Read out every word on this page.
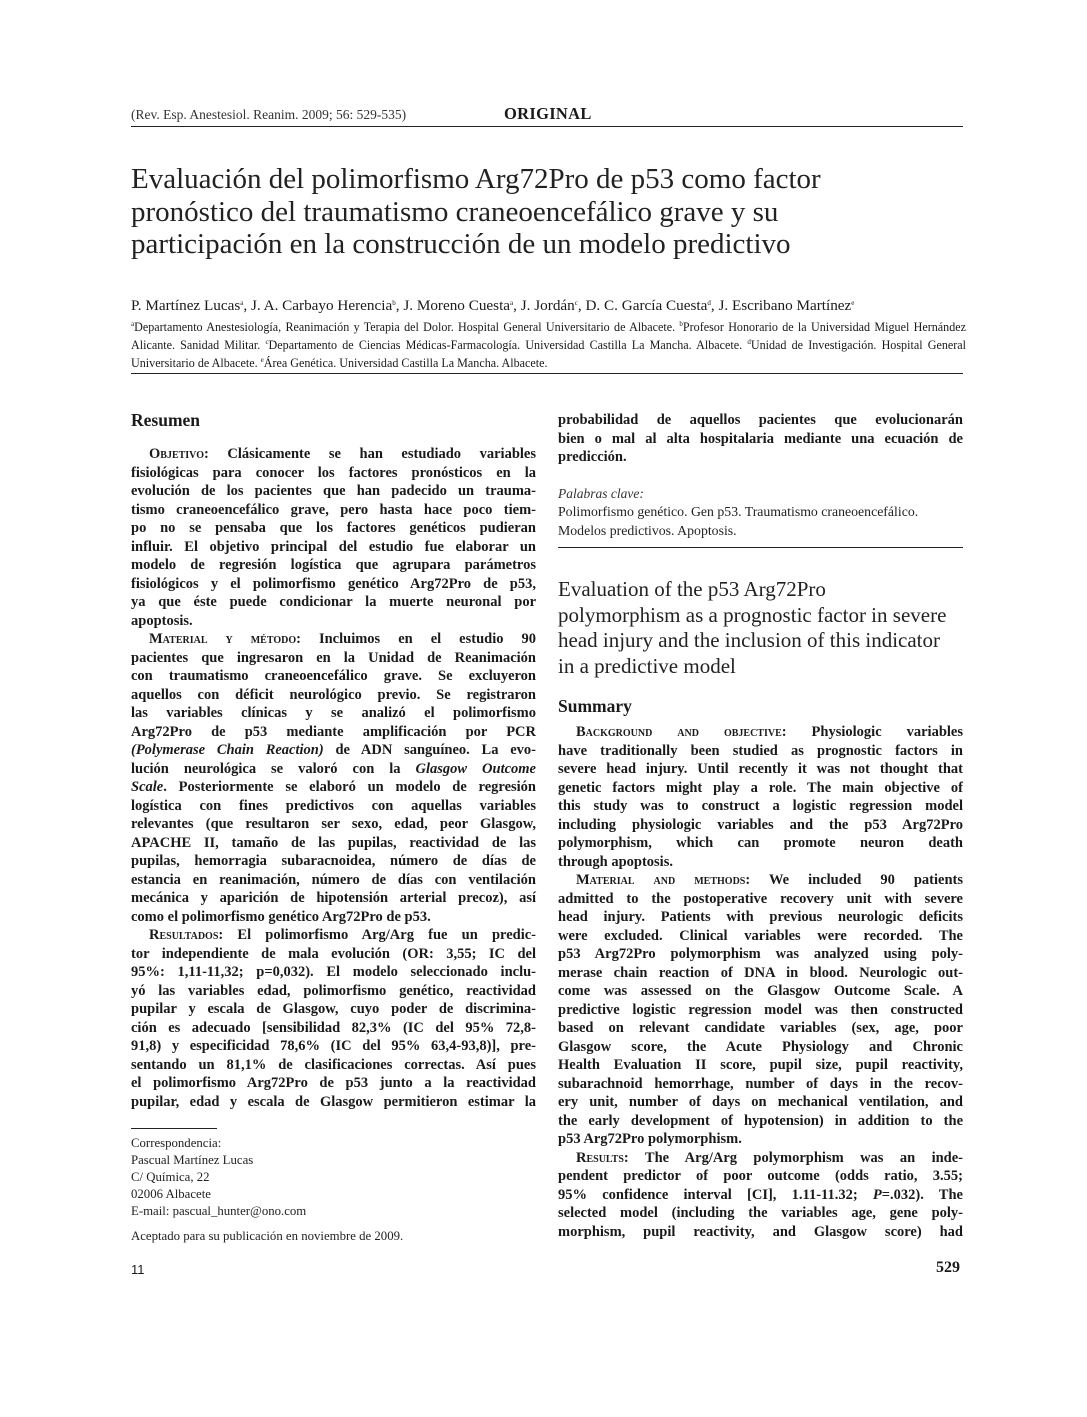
(Rev. Esp. Anestesiol. Reanim. 2009; 56: 529-535)	ORIGINAL
Evaluación del polimorfismo Arg72Pro de p53 como factor
pronóstico del traumatismo craneoencefálico grave y su
participación en la construcción de un modelo predictivo
P. Martínez Lucas$^a$, J. A. Carbayo Herencia$^b$, J. Moreno Cuesta$^a$, J. Jordán$^c$, D. C. García Cuesta$^d$, J. Escribano Martínez$^e$
$^a$Departamento Anestesiología, Reanimación y Terapia del Dolor. Hospital General Universitario de Albacete. $^b$Profesor Honorario de la Universidad Miguel Hernández Alicante. Sanidad Militar. $^c$Departamento de Ciencias Médicas-Farmacología. Universidad Castilla La Mancha. Albacete. $^d$Unidad de Investigación. Hospital General Universitario de Albacete. $^e$Área Genética. Universidad Castilla La Mancha. Albacete.
Resumen
Objetivo: Clásicamente se han estudiado variables
fisiológicas para conocer los factores pronósticos en la
evolución de los pacientes que han padecido un trauma-
tismo craneoencefálico grave, pero hasta hace poco tiem-
po no se pensaba que los factores genéticos pudieran
influir. El objetivo principal del estudio fue elaborar un
modelo de regresión logística que agrupara parámetros
fisiológicos y el polimorfismo genético Arg72Pro de p53,
ya que éste puede condicionar la muerte neuronal por
apoptosis.
Material y método: Incluimos en el estudio 90
pacientes que ingresaron en la Unidad de Reanimación
con traumatismo craneoencefálico grave. Se excluyeron
aquellos con déficit neurológico previo. Se registraron
las variables clínicas y se analizó el polimorfismo
Arg72Pro de p53 mediante amplificación por PCR
(Polymerase Chain Reaction) de ADN sanguíneo. La evo-
lución neurológica se valoró con la Glasgow Outcome
Scale. Posteriormente se elaboró un modelo de regresión
logística con fines predictivos con aquellas variables
relevantes (que resultaron ser sexo, edad, peor Glasgow,
APACHE II, tamaño de las pupilas, reactividad de las
pupilas, hemorragia subaracnoidea, número de días de
estancia en reanimación, número de días con ventilación
mecánica y aparición de hipotensión arterial precoz), así
como el polimorfismo genético Arg72Pro de p53.
Resultados: El polimorfismo Arg/Arg fue un predic-
tor independiente de mala evolución (OR: 3,55; IC del
95%: 1,11-11,32; p=0,032). El modelo seleccionado inclu-
yó las variables edad, polimorfismo genético, reactividad
pupilar y escala de Glasgow, cuyo poder de discrimina-
ción es adecuado [sensibilidad 82,3% (IC del 95% 72,8-
91,8) y especificidad 78,6% (IC del 95% 63,4-93,8)], pre-
sentando un 81,1% de clasificaciones correctas. Así pues
el polimorfismo Arg72Pro de p53 junto a la reactividad
pupilar, edad y escala de Glasgow permitieron estimar la
Correspondencia:
Pascual Martínez Lucas
C/ Química, 22
02006 Albacete
E-mail: pascual_hunter@ono.com
Aceptado para su publicación en noviembre de 2009.
probabilidad de aquellos pacientes que evolucionarán
bien o mal al alta hospitalaria mediante una ecuación de
predicción.
Palabras clave:
Polimorfismo genético. Gen p53. Traumatismo craneoencefálico.
Modelos predictivos. Apoptosis.
Evaluation of the p53 Arg72Pro
polymorphism as a prognostic factor in severe
head injury and the inclusion of this indicator
in a predictive model
Summary
Background and objective: Physiologic variables
have traditionally been studied as prognostic factors in
severe head injury. Until recently it was not thought that
genetic factors might play a role. The main objective of
this study was to construct a logistic regression model
including physiologic variables and the p53 Arg72Pro
polymorphism, which can promote neuron death
through apoptosis.
Material and methods: We included 90 patients
admitted to the postoperative recovery unit with severe
head injury. Patients with previous neurologic deficits
were excluded. Clinical variables were recorded. The
p53 Arg72Pro polymorphism was analyzed using poly-
merase chain reaction of DNA in blood. Neurologic out-
come was assessed on the Glasgow Outcome Scale. A
predictive logistic regression model was then constructed
based on relevant candidate variables (sex, age, poor
Glasgow score, the Acute Physiology and Chronic
Health Evaluation II score, pupil size, pupil reactivity,
subarachnoid hemorrhage, number of days in the recov-
ery unit, number of days on mechanical ventilation, and
the early development of hypotension) in addition to the
p53 Arg72Pro polymorphism.
Results: The Arg/Arg polymorphism was an inde-
pendent predictor of poor outcome (odds ratio, 3.55;
95% confidence interval [CI], 1.11-11.32; P=.032). The
selected model (including the variables age, gene poly-
morphism, pupil reactivity, and Glasgow score) had
11	529
